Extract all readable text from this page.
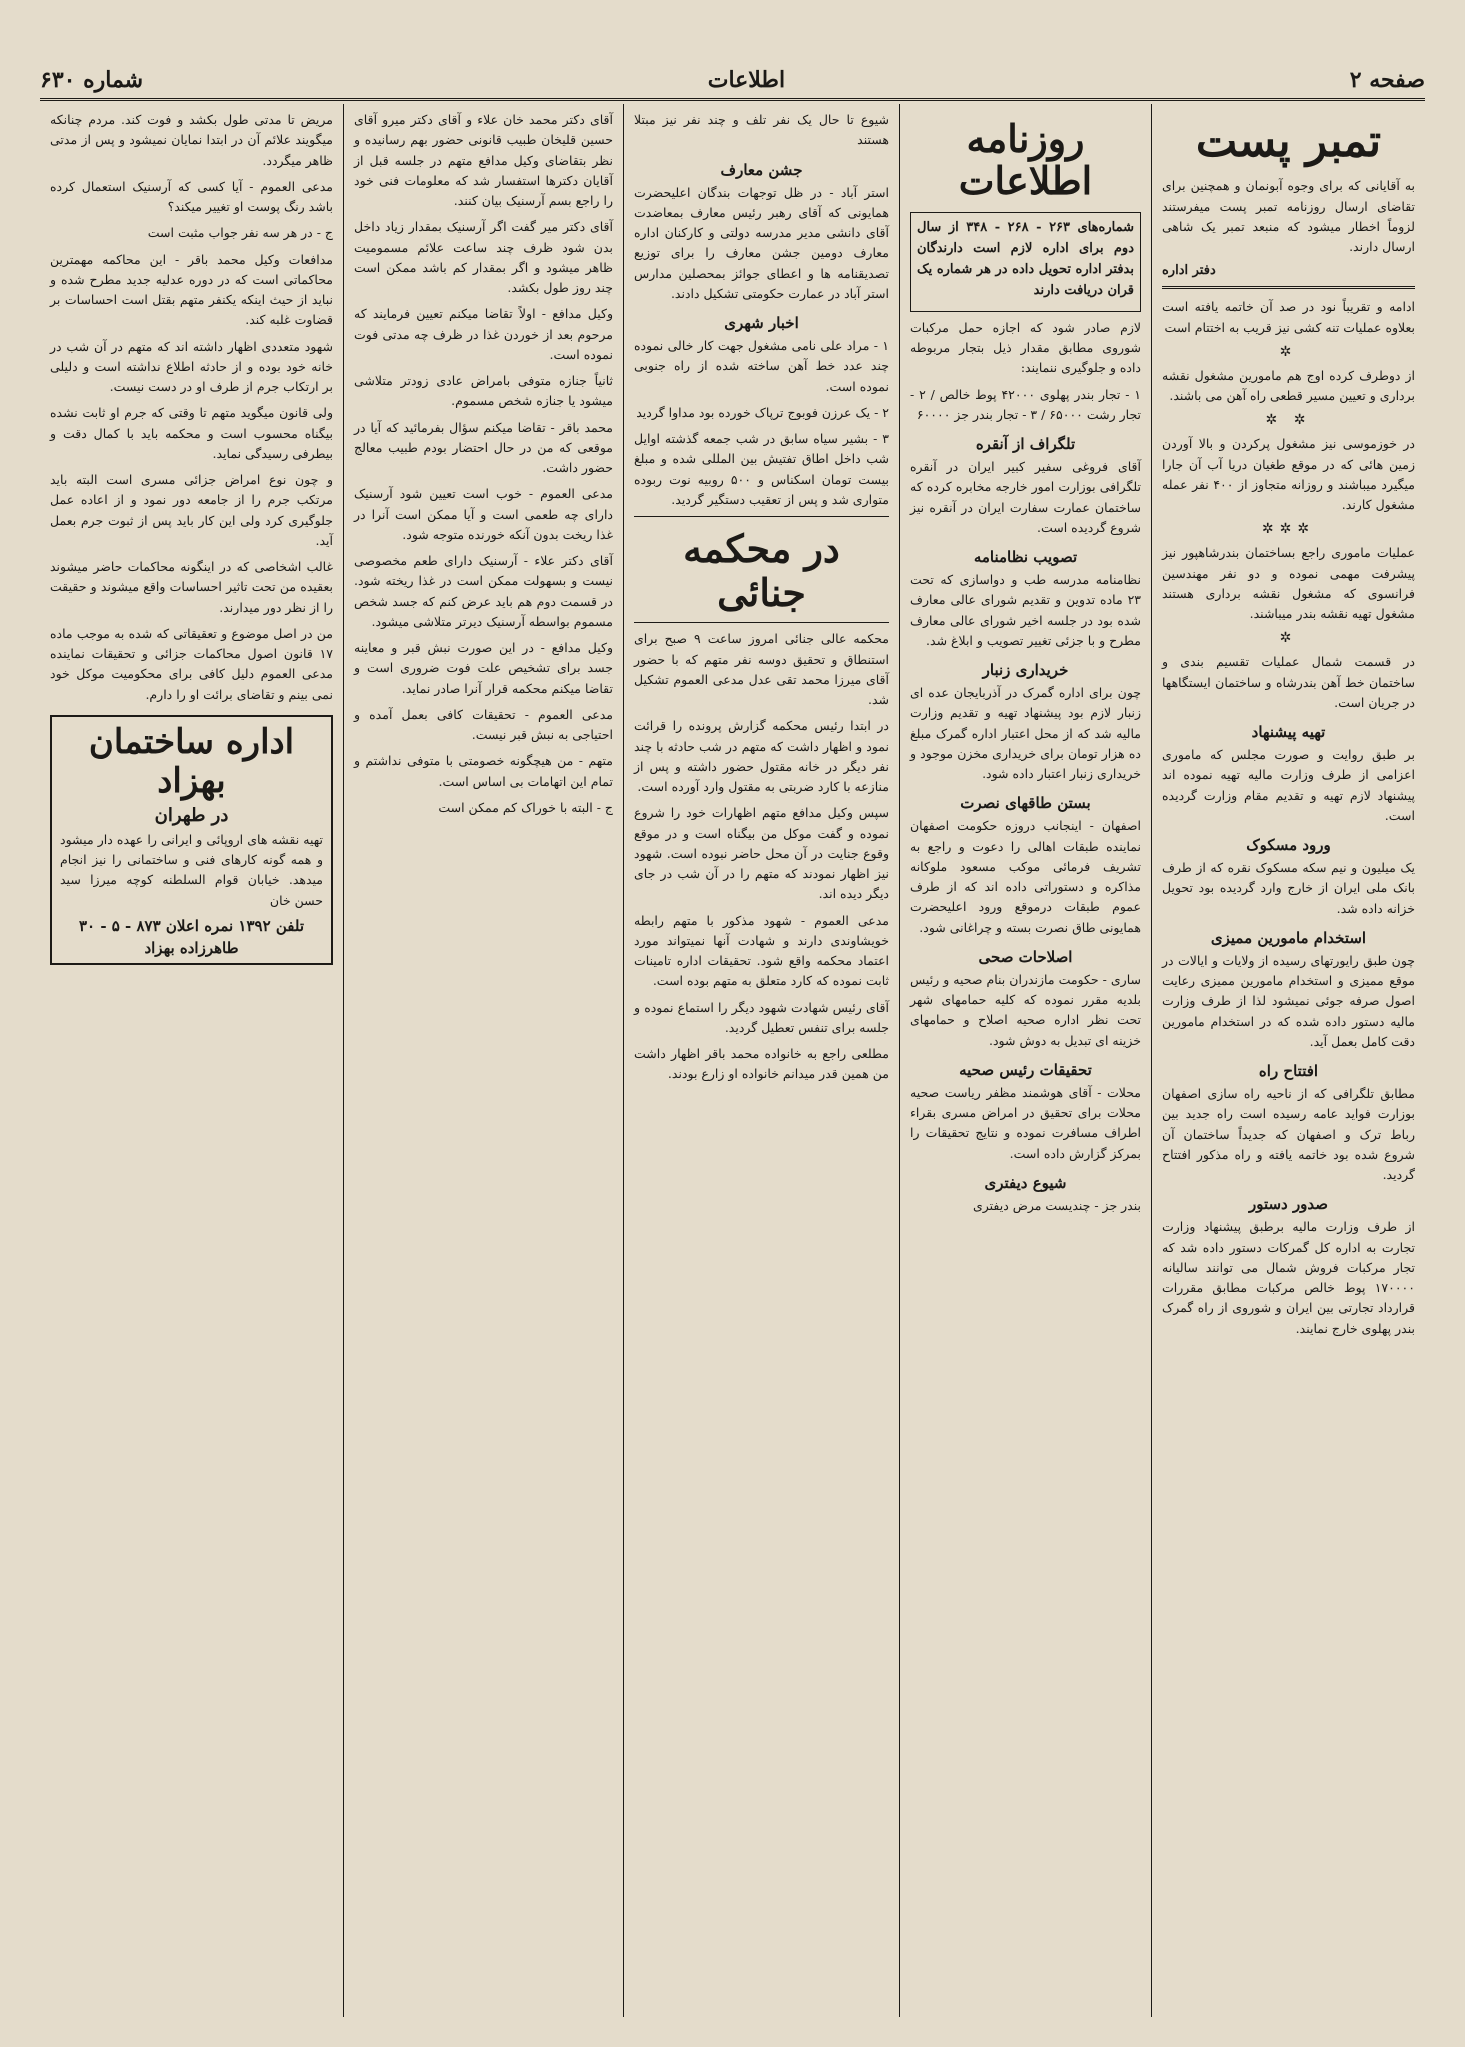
صفحه ۲
اطلاعات
شماره ۶۳۰
تمبر پست

به آقایانی که برای وجوه آبونمان و همچنین برای تقاضای ارسال روزنامه تمبر پست میفرستند لزوماً اخطار میشود که منبعد تمبر یک شاهی ارسال دارند.

دفتر اداره

ادامه و تقریباً نود در صد آن خاتمه یافته است بعلاوه عملیات تنه کشی نیز قریب به اختتام است

✲

از دوطرف کرده اوج هم مامورین مشغول نقشه برداری و تعیین مسیر قطعی راه آهن می باشند.

✲ ✲

در خوزموسی نیز مشغول پرکردن و بالا آوردن زمین هائی که در موقع طغیان دریا آب آن جارا میگیرد میباشند و روزانه متجاوز از ۴۰۰ نفر عمله مشغول کارند.

✲✲✲

عملیات ماموری راجع بساختمان بندرشاهپور نیز پیشرفت مهمی نموده و دو نفر مهندسین فرانسوی که مشغول نقشه برداری هستند مشغول تهیه نقشه بندر میباشند.

✲

در قسمت شمال عملیات تقسیم بندی و ساختمان خط آهن بندرشاه و ساختمان ایستگاهها در جریان است.

تهیه پیشنهاد

بر طبق روایت و صورت مجلس که ماموری اعزامی از طرف وزارت مالیه تهیه نموده اند پیشنهاد لازم تهیه و تقدیم مقام وزارت گردیده است.

ورود مسکوک

یک میلیون و نیم سکه مسکوک نقره که از طرف بانک ملی ایران از خارج وارد گردیده بود تحویل خزانه داده شد.

استخدام مامورین ممیزی

چون طبق رایورتهای رسیده از ولایات و ایالات در موقع ممیزی و استخدام مامورین ممیزی رعایت اصول صرفه جوئی نمیشود لذا از طرف وزارت مالیه دستور داده شده که در استخدام مامورین دقت کامل بعمل آید.

افتتاح راه

مطابق تلگرافی که از ناحیه راه سازی اصفهان بوزارت فواید عامه رسیده است راه جدید بین رباط ترک و اصفهان که جدیداً ساختمان آن شروع شده بود خاتمه یافته و راه مذکور افتتاح گردید.

صدور دستور

از طرف وزارت مالیه برطبق پیشنهاد وزارت تجارت به اداره کل گمرکات دستور داده شد که تجار مرکبات فروش شمال می توانند سالیانه ۱۷۰۰۰۰ پوط خالص مرکبات مطابق مقررات قرارداد تجارتی بین ایران و شوروی از راه گمرک بندر پهلوی خارج نمایند.

روزنامه اطلاعات

شماره‌های ۲۶۳ - ۲۶۸ - ۳۴۸ از سال دوم برای اداره لازم است دارندگان بدفتر اداره تحویل داده در هر شماره یک قران دریافت دارند

لازم صادر شود که اجازه حمل مرکبات شوروی مطابق مقدار ذیل بتجار مربوطه داده و جلوگیری ننمایند:

۱ - تجار بندر پهلوی ۴۲۰۰۰ پوط خالص / ۲ - تجار رشت ۶۵۰۰۰ / ۳ - تجار بندر جز ۶۰۰۰۰

تلگراف از آنقره

آقای فروغی سفیر کبیر ایران در آنقره تلگرافی بوزارت امور خارجه مخابره کرده که ساختمان عمارت سفارت ایران در آنقره نیز شروع گردیده است.

تصویب نظامنامه

نظامنامه مدرسه طب و دواسازی که تحت ۲۳ ماده تدوین و تقدیم شورای عالی معارف شده بود در جلسه اخیر شورای عالی معارف مطرح و با جزئی تغییر تصویب و ابلاغ شد.

خریداری زنبار

چون برای اداره گمرک در آذربایجان عده ای زنبار لازم بود پیشنهاد تهیه و تقدیم وزارت مالیه شد که از محل اعتبار اداره گمرک مبلغ ده هزار تومان برای خریداری مخزن موجود و خریداری زنبار اعتبار داده شود.

بستن طاقهای نصرت

اصفهان - اینجانب دروزه حکومت اصفهان نماینده طبقات اهالی را دعوت و راجع به تشریف فرمائی موکب مسعود ملوکانه مذاکره و دستوراتی داده اند که از طرف عموم طبقات درموقع ورود اعلیحضرت همایونی طاق نصرت بسته و چراغانی شود.

اصلاحات صحی

ساری - حکومت مازندران بنام صحیه و رئیس بلدیه مقرر نموده که کلیه حمامهای شهر تحت نظر اداره صحیه اصلاح و حمامهای خزینه ای تبدیل به دوش شود.

تحقیقات رئیس صحیه

محلات - آقای هوشمند مظفر ریاست صحیه محلات برای تحقیق در امراض مسری بقراء اطراف مسافرت نموده و نتایج تحقیقات را بمرکز گزارش داده است.

شیوع دیفتری

بندر جز - چندیست مرض دیفتری

شیوع تا حال یک نفر تلف و چند نفر نیز مبتلا هستند

جشن معارف

استر آباد - در ظل توجهات بندگان اعلیحضرت همایونی که آقای رهبر رئیس معارف بمعاضدت آقای دانشی مدیر مدرسه دولتی و کارکنان اداره معارف دومین جشن معارف را برای توزیع تصدیقنامه ها و اعطای جوائز بمحصلین مدارس استر آباد در عمارت حکومتی تشکیل دادند.

اخبار شهری

۱ - مراد علی نامی مشغول جهت کار خالی نموده چند عدد خط آهن ساخته شده از راه جنوبی نموده است.

۲ - یک عرزن فوبوج ترپاک خورده بود مداوا گردید

۳ - بشیر سیاه سابق در شب جمعه گذشته اوایل شب داخل اطاق تفتیش بین المللی شده و مبلغ بیست تومان اسکناس و ۵۰۰ روبیه نوت ربوده متواری شد و پس از تعقیب دستگیر گردید.

در محکمه جنائی

محکمه عالی جنائی امروز ساعت ۹ صبح برای استنطاق و تحقیق دوسه نفر متهم که با حضور آقای میرزا محمد تقی عدل مدعی العموم تشکیل شد.

در ابتدا رئیس محکمه گزارش پرونده را قرائت نمود و اظهار داشت که متهم در شب حادثه با چند نفر دیگر در خانه مقتول حضور داشته و پس از منازعه با کارد ضربتی به مقتول وارد آورده است.

سپس وکیل مدافع متهم اظهارات خود را شروع نموده و گفت موکل من بیگناه است و در موقع وقوع جنایت در آن محل حاضر نبوده است. شهود نیز اظهار نمودند که متهم را در آن شب در جای دیگر دیده اند.

مدعی العموم - شهود مذکور با متهم رابطه خویشاوندی دارند و شهادت آنها نمیتواند مورد اعتماد محکمه واقع شود. تحقیقات اداره تامینات ثابت نموده که کارد متعلق به متهم بوده است.

آقای رئیس شهادت شهود دیگر را استماع نموده و جلسه برای تنفس تعطیل گردید.

مطلعی راجع به خانواده محمد باقر اظهار داشت من همین قدر میدانم خانواده او زارع بودند.

آقای دکتر محمد خان علاء و آقای دکتر میرو آقای حسین قلیخان طبیب قانونی حضور بهم رسانیده و نظر بتقاضای وکیل مدافع متهم در جلسه قبل از آقایان دکترها استفسار شد که معلومات فنی خود را راجع بسم آرسنیک بیان کنند.

آقای دکتر میر گفت اگر آرسنیک بمقدار زیاد داخل بدن شود ظرف چند ساعت علائم مسمومیت ظاهر میشود و اگر بمقدار کم باشد ممکن است چند روز طول بکشد.

وکیل مدافع - اولاً تقاضا میکنم تعیین فرمایند که مرحوم بعد از خوردن غذا در ظرف چه مدتی فوت نموده است.

ثانیاً جنازه متوفی بامراض عادی زودتر متلاشی میشود یا جنازه شخص مسموم.

محمد باقر - تقاضا میکنم سؤال بفرمائید که آیا در موقعی که من در حال احتضار بودم طبیب معالج حضور داشت.

مدعی العموم - خوب است تعیین شود آرسنیک دارای چه طعمی است و آیا ممکن است آنرا در غذا ریخت بدون آنکه خورنده متوجه شود.

آقای دکتر علاء - آرسنیک دارای طعم مخصوصی نیست و بسهولت ممکن است در غذا ریخته شود. در قسمت دوم هم باید عرض کنم که جسد شخص مسموم بواسطه آرسنیک دیرتر متلاشی میشود.

وکیل مدافع - در این صورت نبش قبر و معاینه جسد برای تشخیص علت فوت ضروری است و تقاضا میکنم محکمه قرار آنرا صادر نماید.

مدعی العموم - تحقیقات کافی بعمل آمده و احتیاجی به نبش قبر نیست.

متهم - من هیچگونه خصومتی با متوفی نداشتم و تمام این اتهامات بی اساس است.

ج - البته با خوراک کم ممکن است

مریض تا مدتی طول بکشد و فوت کند. مردم چنانکه میگویند علائم آن در ابتدا نمایان نمیشود و پس از مدتی ظاهر میگردد.

مدعی العموم - آیا کسی که آرسنیک استعمال کرده باشد رنگ پوست او تغییر میکند؟

ج - در هر سه نفر جواب مثبت است

مدافعات وکیل محمد باقر - این محاکمه مهمترین محاکماتی است که در دوره عدلیه جدید مطرح شده و نباید از حیث اینکه یکنفر متهم بقتل است احساسات بر قضاوت غلبه کند.

شهود متعددی اظهار داشته اند که متهم در آن شب در خانه خود بوده و از حادثه اطلاع نداشته است و دلیلی بر ارتکاب جرم از طرف او در دست نیست.

ولی قانون میگوید متهم تا وقتی که جرم او ثابت نشده بیگناه محسوب است و محکمه باید با کمال دقت و بیطرفی رسیدگی نماید.

و چون نوع امراض جزائی مسری است البته باید مرتکب جرم را از جامعه دور نمود و از اعاده عمل جلوگیری کرد ولی این کار باید پس از ثبوت جرم بعمل آید.

غالب اشخاصی که در اینگونه محاکمات حاضر میشوند بعقیده من تحت تاثیر احساسات واقع میشوند و حقیقت را از نظر دور میدارند.

من در اصل موضوع و تعقیقاتی که شده به موجب ماده ۱۷ قانون اصول محاکمات جزائی و تحقیقات نماینده مدعی العموم دلیل کافی برای محکومیت موکل خود نمی بینم و تقاضای برائت او را دارم.

اداره ساختمان بهزاد
در طهران

تهیه نقشه های اروپائی و ایرانی را عهده دار میشود و همه گونه کارهای فنی و ساختمانی را نیز انجام میدهد. خیابان قوام السلطنه کوچه میرزا سید حسن خان

تلفن ۱۳۹۲ نمره اعلان ۸۷۳ - ۵ - ۳۰
طاهرزاده بهزاد
